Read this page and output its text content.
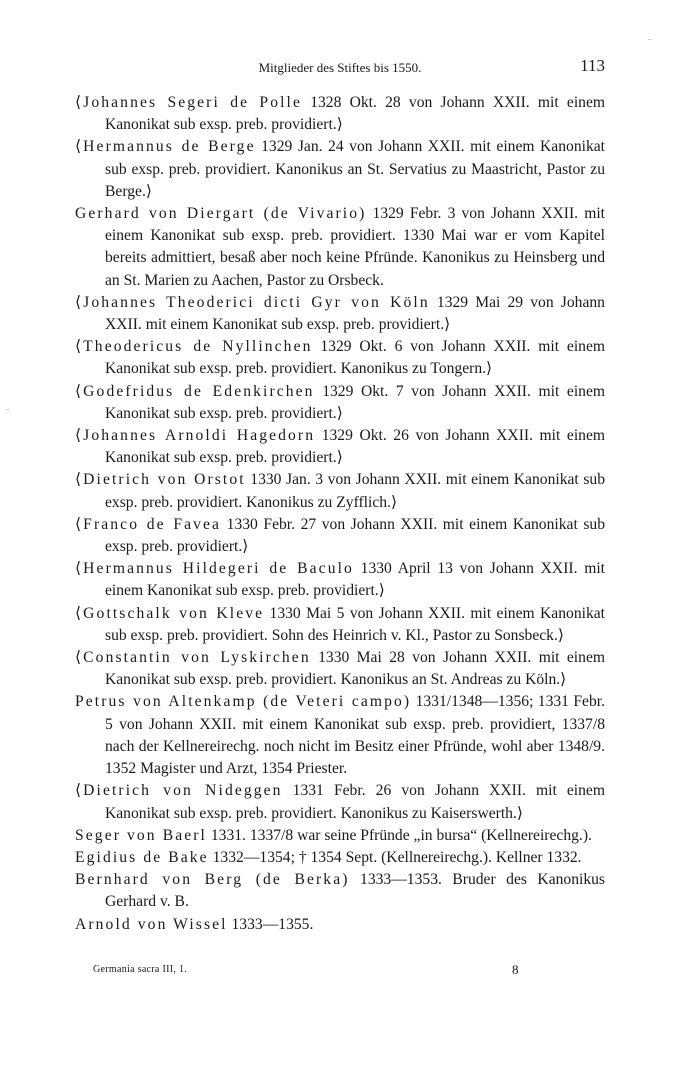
Mitglieder des Stiftes bis 1550.	113

⟨Johannes Segeri de Polle 1328 Okt. 28 von Johann XXII. mit einem Kanonikat sub exsp. preb. providiert.⟩

⟨Hermannus de Berge 1329 Jan. 24 von Johann XXII. mit einem Kanonikat sub exsp. preb. providiert. Kanonikus an St. Servatius zu Maastricht, Pastor zu Berge.⟩

Gerhard von Diergart (de Vivario) 1329 Febr. 3 von Johann XXII. mit einem Kanonikat sub exsp. preb. providiert. 1330 Mai war er vom Kapitel bereits admittiert, besaß aber noch keine Pfründe. Kanonikus zu Heinsberg und an St. Marien zu Aachen, Pastor zu Orsbeck.

⟨Johannes Theoderici dicti Gyr von Köln 1329 Mai 29 von Johann XXII. mit einem Kanonikat sub exsp. preb. providiert.⟩

⟨Theodericus de Nyllinchen 1329 Okt. 6 von Johann XXII. mit einem Kanonikat sub exsp. preb. providiert. Kanonikus zu Tongern.⟩

⟨Godefridus de Edenkirchen 1329 Okt. 7 von Johann XXII. mit einem Kanonikat sub exsp. preb. providiert.⟩

⟨Johannes Arnoldi Hagedorn 1329 Okt. 26 von Johann XXII. mit einem Kanonikat sub exsp. preb. providiert.⟩

⟨Dietrich von Orstot 1330 Jan. 3 von Johann XXII. mit einem Kanonikat sub exsp. preb. providiert. Kanonikus zu Zyfflich.⟩

⟨Franco de Favea 1330 Febr. 27 von Johann XXII. mit einem Kanonikat sub exsp. preb. providiert.⟩

⟨Hermannus Hildegeri de Baculo 1330 April 13 von Johann XXII. mit einem Kanonikat sub exsp. preb. providiert.⟩

⟨Gottschalk von Kleve 1330 Mai 5 von Johann XXII. mit einem Kanonikat sub exsp. preb. providiert. Sohn des Heinrich v. Kl., Pastor zu Sonsbeck.⟩

⟨Constantin von Lyskirchen 1330 Mai 28 von Johann XXII. mit einem Kanonikat sub exsp. preb. providiert. Kanonikus an St. Andreas zu Köln.⟩

Petrus von Altenkamp (de Veteri campo) 1331/1348—1356; 1331 Febr. 5 von Johann XXII. mit einem Kanonikat sub exsp. preb. providiert, 1337/8 nach der Kellnereirechg. noch nicht im Besitz einer Pfründe, wohl aber 1348/9. 1352 Magister und Arzt, 1354 Priester.

⟨Dietrich von Nideggen 1331 Febr. 26 von Johann XXII. mit einem Kanonikat sub exsp. preb. providiert. Kanonikus zu Kaiserswerth.⟩

Seger von Baerl 1331. 1337/8 war seine Pfründe „in bursa“ (Kellnereirechg.).

Egidius de Bake 1332—1354; † 1354 Sept. (Kellnereirechg.). Kellner 1332.

Bernhard von Berg (de Berka) 1333—1353. Bruder des Kanonikus Gerhard v. B.

Arnold von Wissel 1333—1355.

Germania sacra III, 1.	8
-
-
